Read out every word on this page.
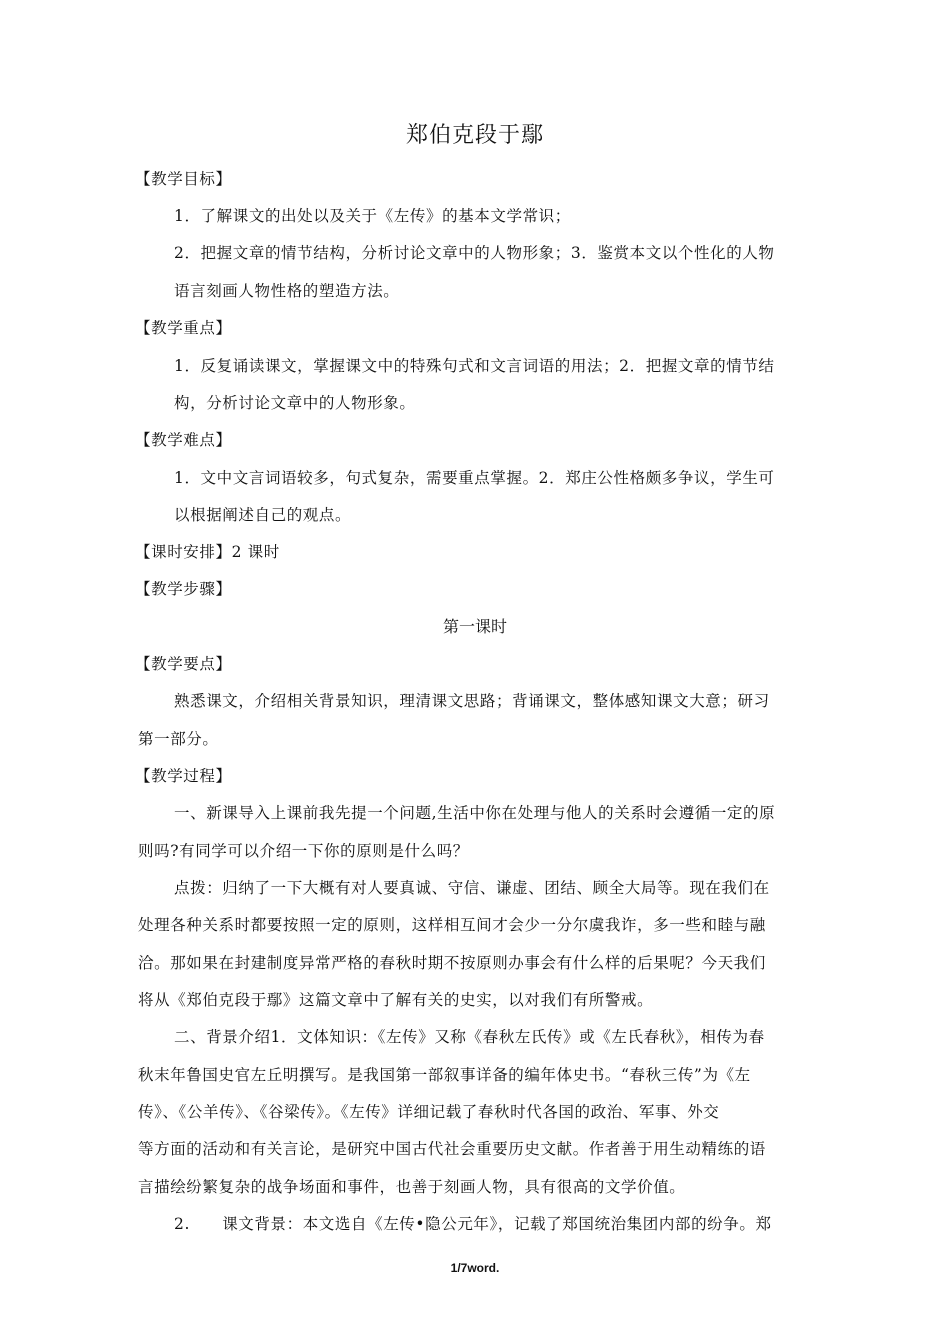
郑伯克段于鄢
【教学目标】
1．了解课文的出处以及关于《左传》的基本文学常识；
2．把握文章的情节结构，分析讨论文章中的人物形象；3．鉴赏本文以个性化的人物
语言刻画人物性格的塑造方法。
【教学重点】
1．反复诵读课文，掌握课文中的特殊句式和文言词语的用法；2．把握文章的情节结
构，分析讨论文章中的人物形象。
【教学难点】
1．文中文言词语较多，句式复杂，需要重点掌握。2．郑庄公性格颇多争议，学生可
以根据阐述自己的观点。
【课时安排】2 课时
【教学步骤】
第一课时
【教学要点】
熟悉课文，介绍相关背景知识，理清课文思路；背诵课文，整体感知课文大意；研习
第一部分。
【教学过程】
一、新课导入上课前我先提一个问题,生活中你在处理与他人的关系时会遵循一定的原
则吗?有同学可以介绍一下你的原则是什么吗？
点拨：归纳了一下大概有对人要真诚、守信、谦虚、团结、顾全大局等。现在我们在
处理各种关系时都要按照一定的原则，这样相互间才会少一分尔虞我诈，多一些和睦与融
洽。那如果在封建制度异常严格的春秋时期不按原则办事会有什么样的后果呢？今天我们
将从《郑伯克段于鄢》这篇文章中了解有关的史实，以对我们有所警戒。
二、背景介绍1．文体知识：《左传》又称《春秋左氏传》或《左氏春秋》，相传为春
秋末年鲁国史官左丘明撰写。是我国第一部叙事详备的编年体史书。“春秋三传”为《左
传》、《公羊传》、《谷梁传》。《左传》详细记载了春秋时代各国的政治、军事、外交
等方面的活动和有关言论，是研究中国古代社会重要历史文献。作者善于用生动精练的语
言描绘纷繁复杂的战争场面和事件，也善于刻画人物，具有很高的文学价值。
2.　　课文背景：本文选自《左传•隐公元年》，记载了郑国统治集团内部的纷争。郑
1/7word.
